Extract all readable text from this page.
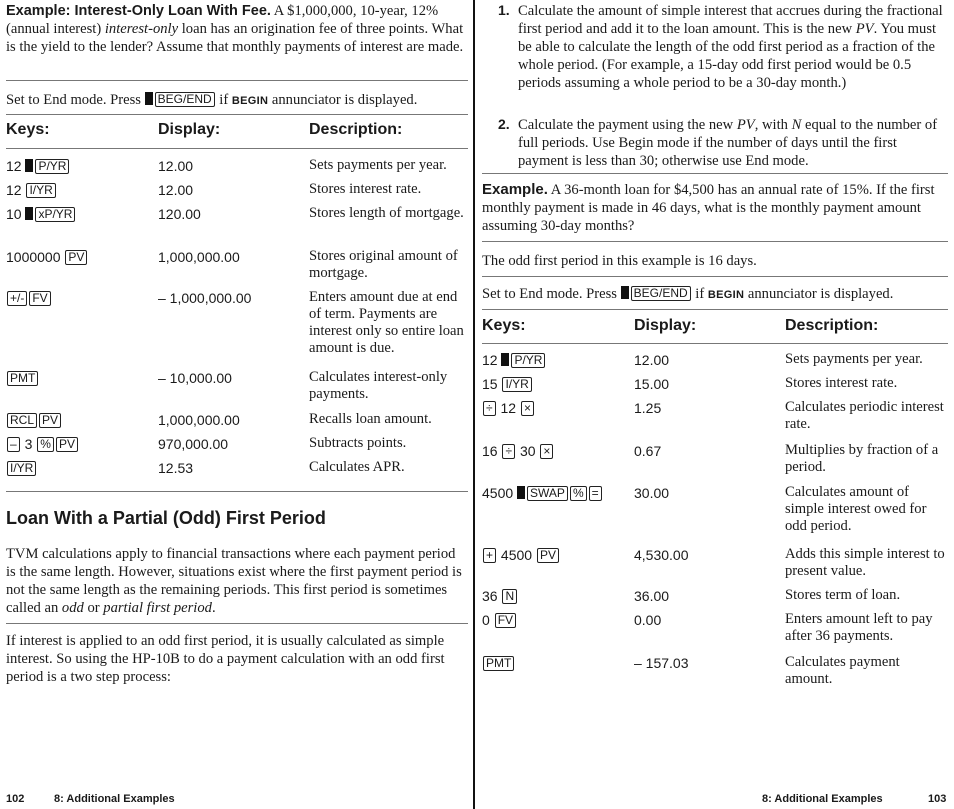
Example: Interest-Only Loan With Fee. A $1,000,000, 10-year, 12% (annual interest) interest-only loan has an origination fee of three points. What is the yield to the lender? Assume that monthly payments of interest are made.
Set to End mode. Press BEG/END if BEGIN annunciator is displayed.
Keys:	Display:	Description:
12 P/YR	12.00	Sets payments per year.
12 I/YR	12.00	Stores interest rate.
10 xP/YR	120.00	Stores length of mortgage.
1000000 PV	1,000,000.00	Stores original amount of mortgage.
+/- FV	– 1,000,000.00	Enters amount due at end of term. Payments are interest only so entire loan amount is due.
PMT	– 10,000.00	Calculates interest-only payments.
RCL PV	1,000,000.00	Recalls loan amount.
– 3 % PV	970,000.00	Subtracts points.
I/YR	12.53	Calculates APR.
Loan With a Partial (Odd) First Period
TVM calculations apply to financial transactions where each payment period is the same length. However, situations exist where the first payment period is not the same length as the remaining periods. This first period is sometimes called an odd or partial first period.
If interest is applied to an odd first period, it is usually calculated as simple interest. So using the HP-10B to do a payment calculation with an odd first period is a two step process:
102	8: Additional Examples
1. Calculate the amount of simple interest that accrues during the fractional first period and add it to the loan amount. This is the new PV. You must be able to calculate the length of the odd first period as a fraction of the whole period. (For example, a 15-day odd first period would be 0.5 periods assuming a whole period to be a 30-day month.)
2. Calculate the payment using the new PV, with N equal to the number of full periods. Use Begin mode if the number of days until the first payment is less than 30; otherwise use End mode.
Example. A 36-month loan for $4,500 has an annual rate of 15%. If the first monthly payment is made in 46 days, what is the monthly payment amount assuming 30-day months?
The odd first period in this example is 16 days.
Set to End mode. Press BEG/END if BEGIN annunciator is displayed.
Keys:	Display:	Description:
12 P/YR	12.00	Sets payments per year.
15 I/YR	15.00	Stores interest rate.
÷ 12 ×	1.25	Calculates periodic interest rate.
16 ÷ 30 ×	0.67	Multiplies by fraction of a period.
4500 SWAP % =	30.00	Calculates amount of simple interest owed for odd period.
+ 4500 PV	4,530.00	Adds this simple interest to present value.
36 N	36.00	Stores term of loan.
0 FV	0.00	Enters amount left to pay after 36 payments.
PMT	– 157.03	Calculates payment amount.
8: Additional Examples	103
